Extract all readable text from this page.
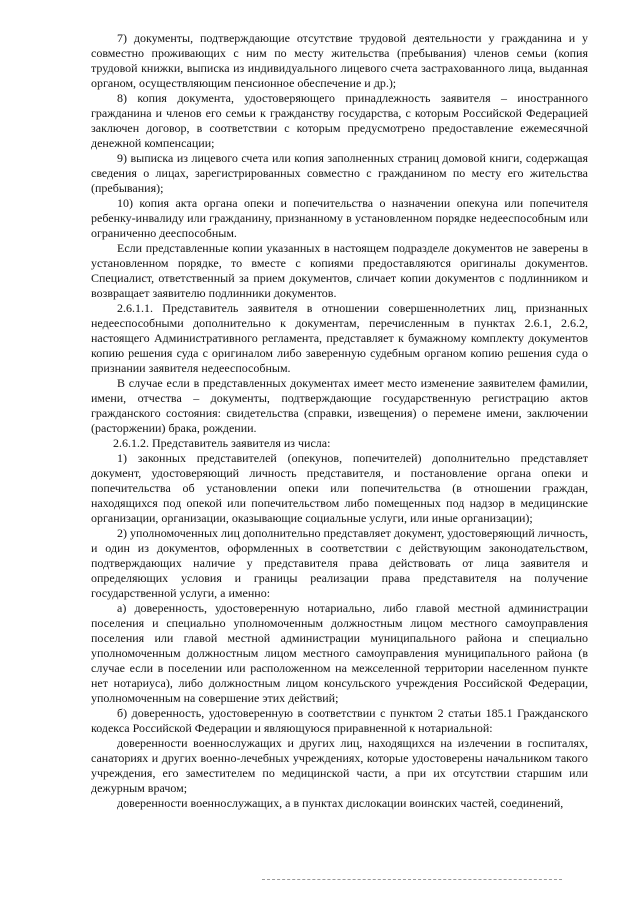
7) документы, подтверждающие отсутствие трудовой деятельности у гражданина и у совместно проживающих с ним по месту жительства (пребывания) членов семьи (копия трудовой книжки, выписка из индивидуального лицевого счета застрахованного лица, выданная органом, осуществляющим пенсионное обеспечение и др.);

8) копия документа, удостоверяющего принадлежность заявителя – иностранного гражданина и членов его семьи к гражданству государства, с которым Российской Федерацией заключен договор, в соответствии с которым предусмотрено предоставление ежемесячной денежной компенсации;

9) выписка из лицевого счета или копия заполненных страниц домовой книги, содержащая сведения о лицах, зарегистрированных совместно с гражданином по месту его жительства (пребывания);

10) копия акта органа опеки и попечительства о назначении опекуна или попечителя ребенку-инвалиду или гражданину, признанному в установленном порядке недееспособным или ограниченно дееспособным.

Если представленные копии указанных в настоящем подразделе документов не заверены в установленном порядке, то вместе с копиями предоставляются оригиналы документов. Специалист, ответственный за прием документов, сличает копии документов с подлинником и возвращает заявителю подлинники документов.

2.6.1.1. Представитель заявителя в отношении совершеннолетних лиц, признанных недееспособными дополнительно к документам, перечисленным в пунктах 2.6.1, 2.6.2, настоящего Административного регламента, представляет к бумажному комплекту документов копию решения суда с оригиналом либо заверенную судебным органом копию решения суда о признании заявителя недееспособным.

В случае если в представленных документах имеет место изменение заявителем фамилии, имени, отчества – документы, подтверждающие государственную регистрацию актов гражданского состояния: свидетельства (справки, извещения) о перемене имени, заключении (расторжении) брака, рождении.

2.6.1.2. Представитель заявителя из числа:

1) законных представителей (опекунов, попечителей) дополнительно представляет документ, удостоверяющий личность представителя, и постановление органа опеки и попечительства об установлении опеки или попечительства (в отношении граждан, находящихся под опекой или попечительством либо помещенных под надзор в медицинские организации, организации, оказывающие социальные услуги, или иные организации);

2) уполномоченных лиц дополнительно представляет документ, удостоверяющий личность, и один из документов, оформленных в соответствии с действующим законодательством, подтверждающих наличие у представителя права действовать от лица заявителя и определяющих условия и границы реализации права представителя на получение государственной услуги, а именно:

а) доверенность, удостоверенную нотариально, либо главой местной администрации поселения и специально уполномоченным должностным лицом местного самоуправления поселения или главой местной администрации муниципального района и специально уполномоченным должностным лицом местного самоуправления муниципального района (в случае если в поселении или расположенном на межселенной территории населенном пункте нет нотариуса), либо должностным лицом консульского учреждения Российской Федерации, уполномоченным на совершение этих действий;

б) доверенность, удостоверенную в соответствии с пунктом 2 статьи 185.1 Гражданского кодекса Российской Федерации и являющуюся приравненной к нотариальной:

доверенности военнослужащих и других лиц, находящихся на излечении в госпиталях, санаториях и других военно-лечебных учреждениях, которые удостоверены начальником такого учреждения, его заместителем по медицинской части, а при их отсутствии старшим или дежурным врачом;

доверенности военнослужащих, а в пунктах дислокации воинских частей, соединений,
